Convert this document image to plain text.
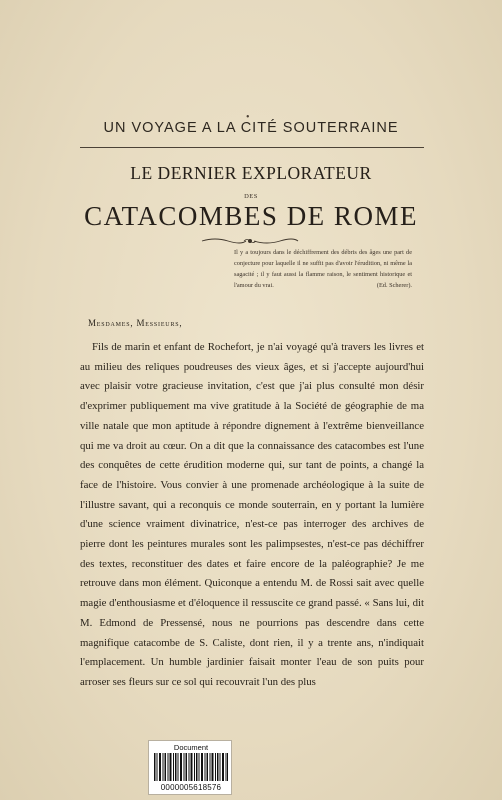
•
UN VOYAGE A LA CITÉ SOUTERRAINE
LE DERNIER EXPLORATEUR
DES
CATACOMBES DE ROME
Il y a toujours dans le déchiffrement des débris des âges une part de conjecture pour laquelle il ne suffit pas d'avoir l'érudition, ni même la sagacité ; il y faut aussi la flamme raison, le sentiment historique et l'amour du vrai.	(Ed. Scherer).
Mesdames, Messieurs,

Fils de marin et enfant de Rochefort, je n'ai voyagé qu'à travers les livres et au milieu des reliques poudreuses des vieux âges, et si j'accepte aujourd'hui avec plaisir votre gracieuse invitation, c'est que j'ai plus consulté mon désir d'exprimer publiquement ma vive gratitude à la Société de géographie de ma ville natale que mon aptitude à répondre dignement à l'extrême bienveillance qui me va droit au cœur. On a dit que la connaissance des catacombes est l'une des conquêtes de cette érudition moderne qui, sur tant de points, a changé la face de l'histoire. Vous convier à une promenade archéologique à la suite de l'illustre savant, qui a reconquis ce monde souterrain, en y portant la lumière d'une science vraiment divinatrice, n'est-ce pas interroger des archives de pierre dont les peintures murales sont les palimpsestes, n'est-ce pas déchiffrer des textes, reconstituer des dates et faire encore de la paléographie? Je me retrouve dans mon élément. Quiconque a entendu M. de Rossi sait avec quelle magie d'enthousiasme et d'éloquence il ressuscite ce grand passé. « Sans lui, dit M. Edmond de Pressensé, nous ne pourrions pas descendre dans cette magnifique catacombe de S. Caliste, dont rien, il y a trente ans, n'indiquait l'emplacement. Un humble jardinier faisait monter l'eau de son puits pour arroser ses fleurs sur ce sol qui recouvrait l'un des plus

Document
0000005618576
